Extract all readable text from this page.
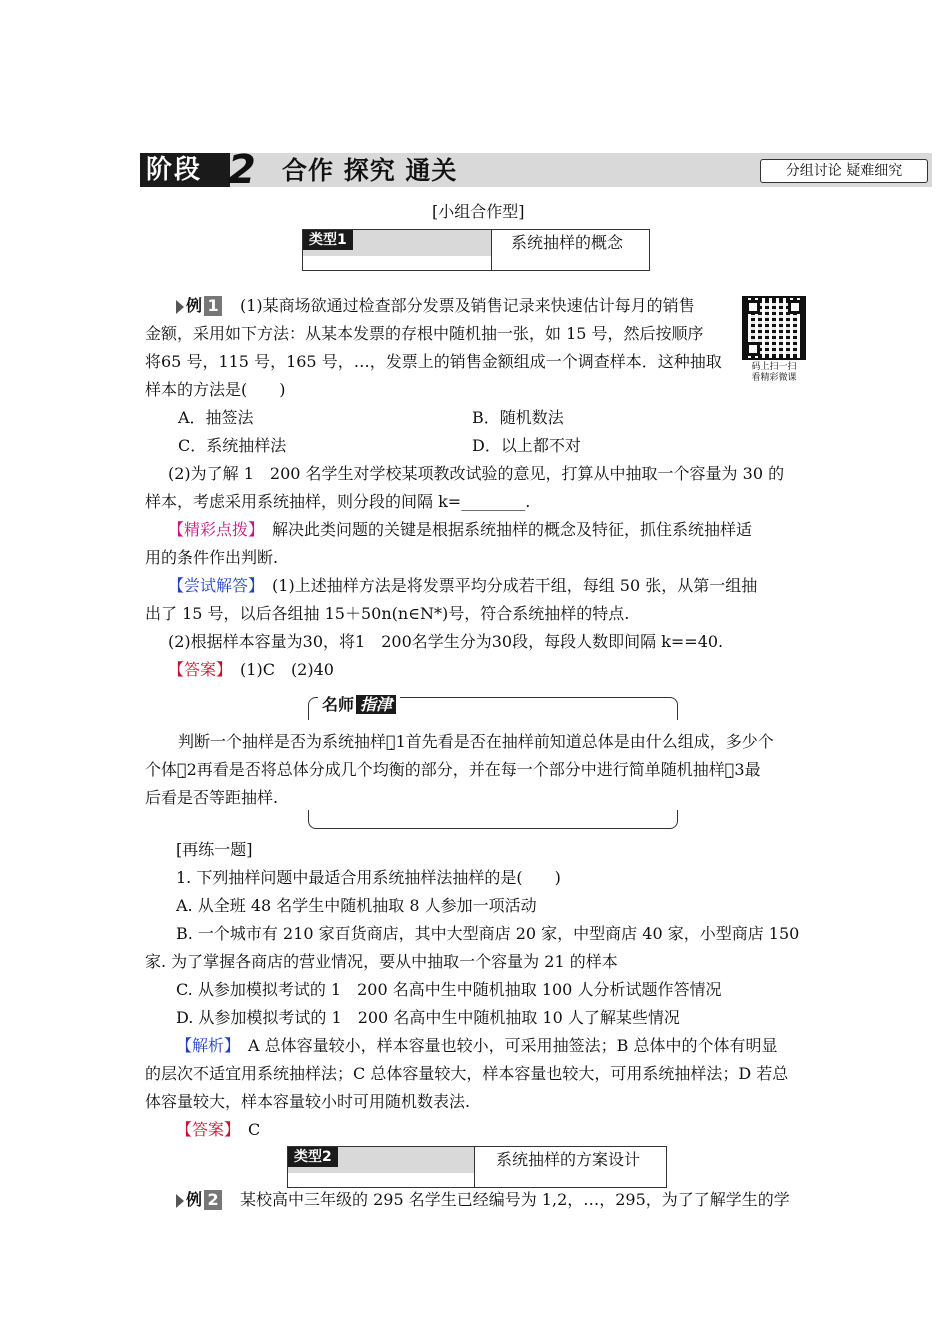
阶段 2	合作 探究 通关	分组讨论 疑难细究
[小组合作型]
类型1	系统抽样的概念
例 1 (1)某商场欲通过检查部分发票及销售记录来快速估计每月的销售
金额，采用如下方法：从某本发票的存根中随机抽一张，如 15 号，然后按顺序
将65 号，115 号，165 号，…，发票上的销售金额组成一个调查样本．这种抽取
样本的方法是(　　)
码上扫一扫
看精彩微课
A．抽签法	B．随机数法
C．系统抽样法	D．以上都不对
(2)为了解 1　200 名学生对学校某项教改试验的意见，打算从中抽取一个容量为 30 的
样本，考虑采用系统抽样，则分段的间隔 k=________.
【精彩点拨】　 解决此类问题的关键是根据系统抽样的概念及特征，抓住系统抽样适
用的条件作出判断.
【尝试解答】　 (1)上述抽样方法是将发票平均分成若干组，每组 50 张，从第一组抽
出了 15 号，以后各组抽 15＋50n(n∈N*)号，符合系统抽样的特点.
(2)根据样本容量为30，将1　200名学生分为30段，每段人数即间隔 k==40.
【答案】　 (1)C　(2)40
名师 指津
判断一个抽样是否为系统抽样：̣1首先看是否在抽样前知道总体是由什么组成，多少个
个体；̣2再看是否将总体分成几个均衡的部分，并在每一个部分中进行简单随机抽样；̣3最
后看是否等距抽样.
[再练一题]
1. 下列抽样问题中最适合用系统抽样法抽样的是(　　)
A. 从全班 48 名学生中随机抽取 8 人参加一项活动
B. 一个城市有 210 家百货商店，其中大型商店 20 家，中型商店 40 家，小型商店 150
家. 为了掌握各商店的营业情况，要从中抽取一个容量为 21 的样本
C. 从参加模拟考试的 1　200 名高中生中随机抽取 100 人分析试题作答情况
D. 从参加模拟考试的 1　200 名高中生中随机抽取 10 人了解某些情况
【解析】　 A 总体容量较小，样本容量也较小，可采用抽签法；B 总体中的个体有明显
的层次不适宜用系统抽样法；C 总体容量较大，样本容量也较大，可用系统抽样法；D 若总
体容量较大，样本容量较小时可用随机数表法.
【答案】　 C
类型2	系统抽样的方案设计
例 2 某校高中三年级的 295 名学生已经编号为 1,2，…，295，为了了解学生的学
